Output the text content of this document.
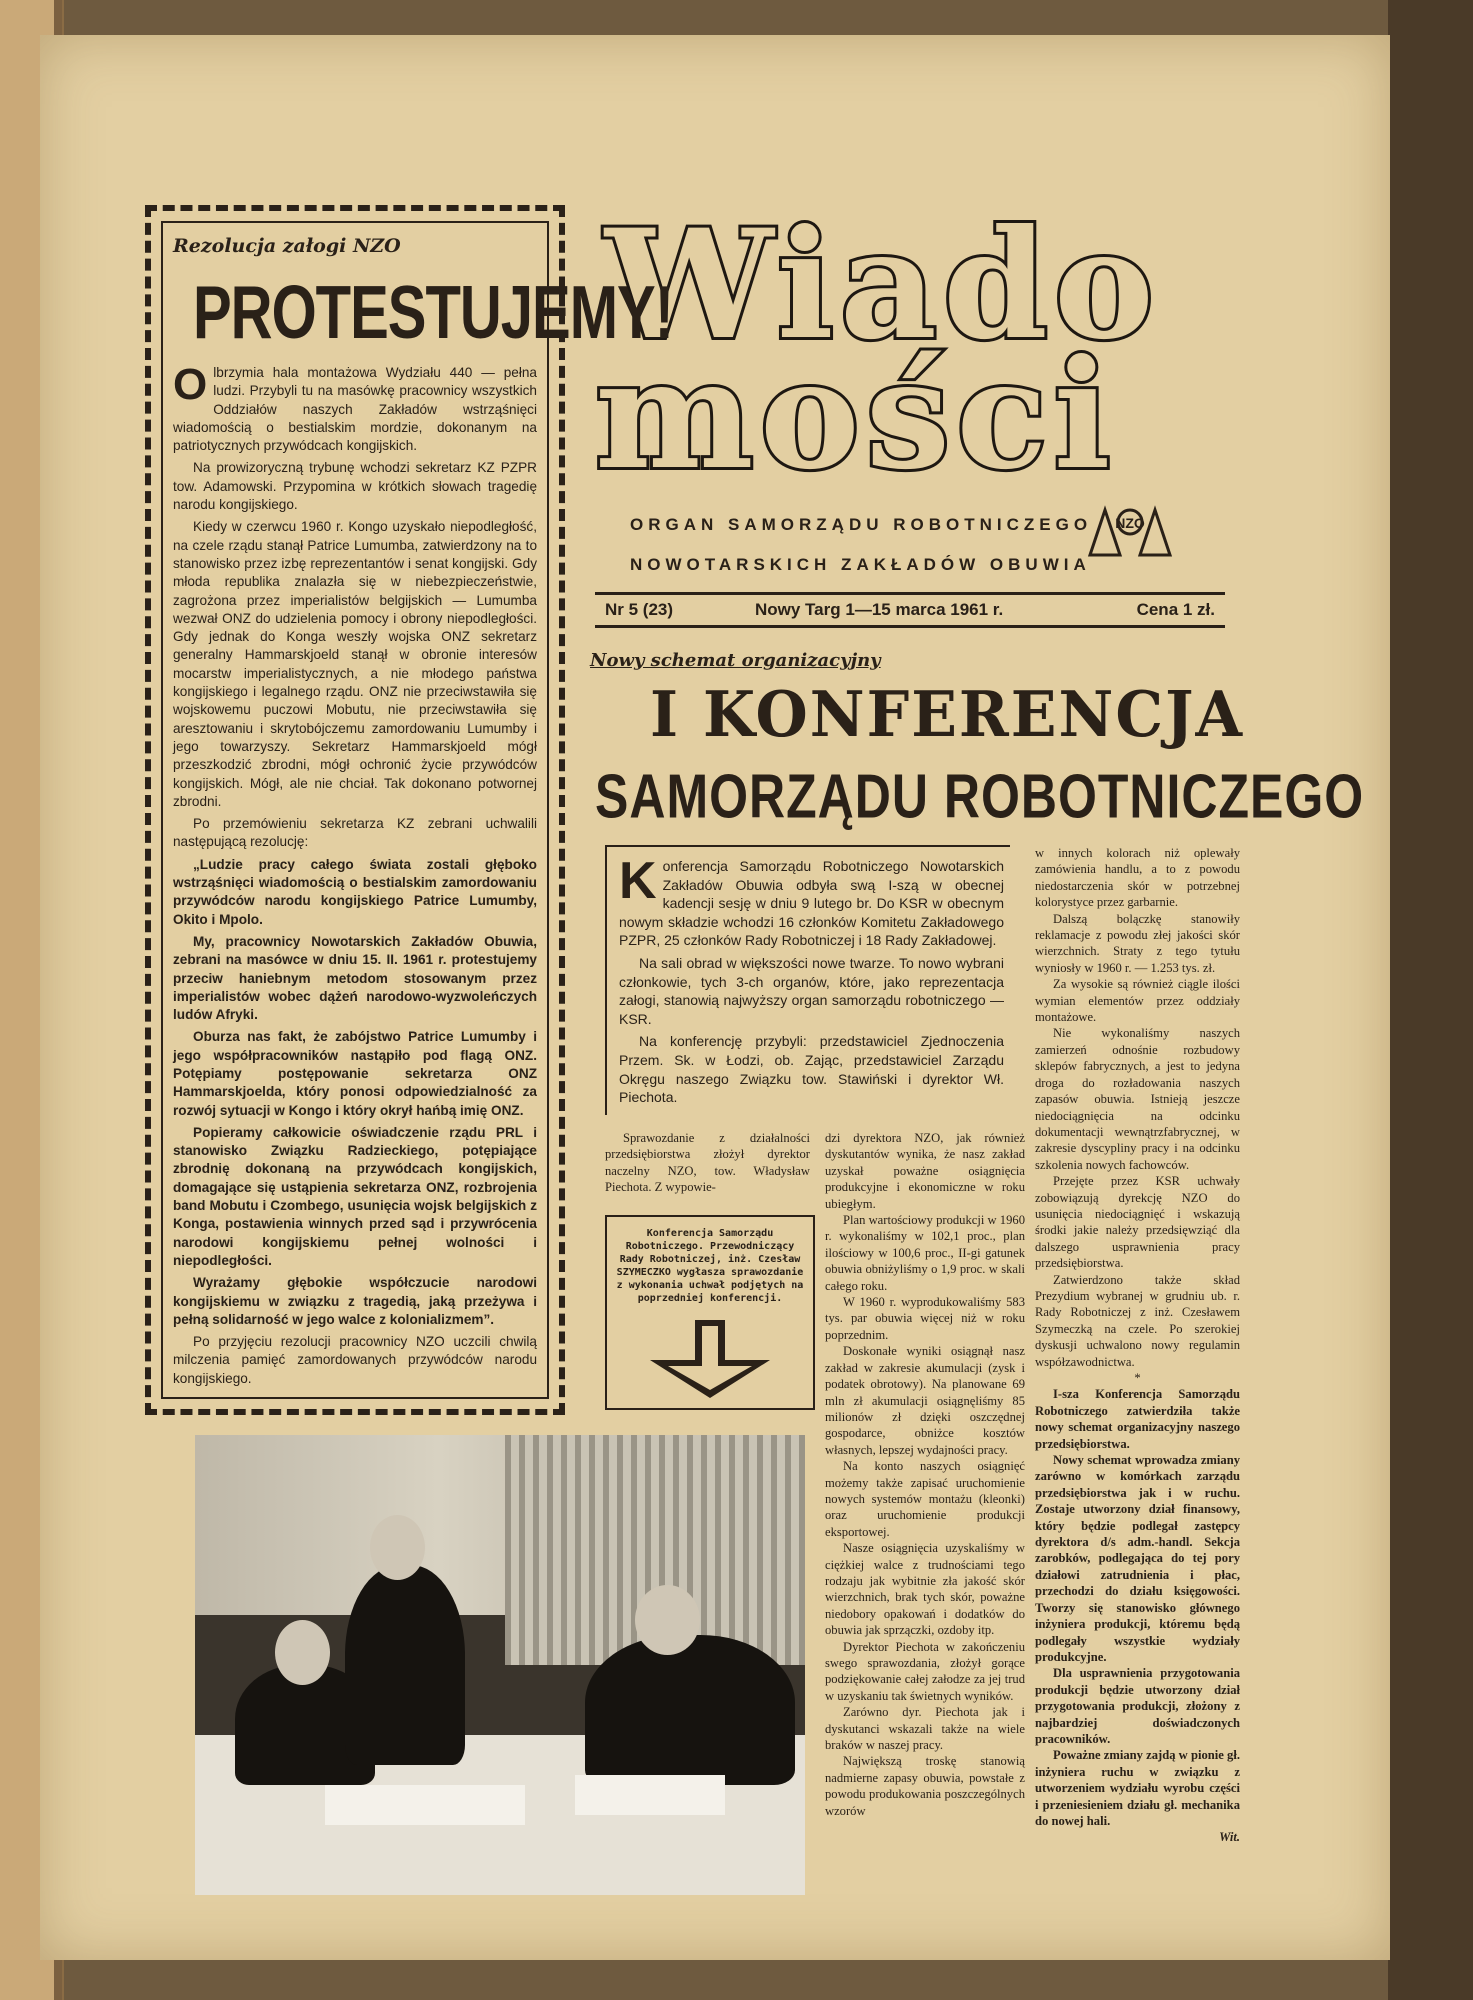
Wiado
mości
ORGAN SAMORZĄDU ROBOTNICZEGO
NOWOTARSKICH ZAKŁADÓW OBUWIA
NZO
Nr 5 (23)	Nowy Targ 1—15 marca 1961 r.	Cena 1 zł.
Rezolucja załogi NZO
PROTESTUJEMY!

Olbrzymia hala montażowa Wydziału 440 — pełna ludzi. Przybyli tu na masówkę pracownicy wszystkich Oddziałów naszych Zakładów wstrząśnięci wiadomością o bestialskim mordzie, dokonanym na patriotycznych przywódcach kongijskich.

Na prowizoryczną trybunę wchodzi sekretarz KZ PZPR tow. Adamowski. Przypomina w krótkich słowach tragedię narodu kongijskiego.

Kiedy w czerwcu 1960 r. Kongo uzyskało niepodległość, na czele rządu stanął Patrice Lumumba, zatwierdzony na to stanowisko przez izbę reprezentantów i senat kongijski. Gdy młoda republika znalazła się w niebezpieczeństwie, zagrożona przez imperialistów belgijskich — Lumumba wezwał ONZ do udzielenia pomocy i obrony niepodległości. Gdy jednak do Konga weszły wojska ONZ sekretarz generalny Hammarskjoeld stanął w obronie interesów mocarstw imperialistycznych, a nie młodego państwa kongijskiego i legalnego rządu. ONZ nie przeciwstawiła się wojskowemu puczowi Mobutu, nie przeciwstawiła się aresztowaniu i skrytobójczemu zamordowaniu Lumumby i jego towarzyszy. Sekretarz Hammarskjoeld mógł przeszkodzić zbrodni, mógł ochronić życie przywódców kongijskich. Mógł, ale nie chciał. Tak dokonano potwornej zbrodni.

Po przemówieniu sekretarza KZ zebrani uchwalili następującą rezolucję:

„Ludzie pracy całego świata zostali głęboko wstrząśnięci wiadomością o bestialskim zamordowaniu przywódców narodu kongijskiego Patrice Lumumby, Okito i Mpolo.

My, pracownicy Nowotarskich Zakładów Obuwia, zebrani na masówce w dniu 15. II. 1961 r. protestujemy przeciw haniebnym metodom stosowanym przez imperialistów wobec dążeń narodowo-wyzwoleńczych ludów Afryki.

Oburza nas fakt, że zabójstwo Patrice Lumumby i jego współpracowników nastąpiło pod flagą ONZ. Potępiamy postępowanie sekretarza ONZ Hammarskjoelda, który ponosi odpowiedzialność za rozwój sytuacji w Kongo i który okrył hańbą imię ONZ.

Popieramy całkowicie oświadczenie rządu PRL i stanowisko Związku Radzieckiego, potępiające zbrodnię dokonaną na przywódcach kongijskich, domagające się ustąpienia sekretarza ONZ, rozbrojenia band Mobutu i Czombego, usunięcia wojsk belgijskich z Konga, postawienia winnych przed sąd i przywrócenia narodowi kongijskiemu pełnej wolności i niepodległości.

Wyrażamy głębokie współczucie narodowi kongijskiemu w związku z tragedią, jaką przeżywa i pełną solidarność w jego walce z kolonializmem”.

Po przyjęciu rezolucji pracownicy NZO uczcili chwilą milczenia pamięć zamordowanych przywódców narodu kongijskiego.

Nowy schemat organizacyjny
I KONFERENCJA
SAMORZĄDU ROBOTNICZEGO

Konferencja Samorządu Robotniczego Nowotarskich Zakładów Obuwia odbyła swą I-szą w obecnej kadencji sesję w dniu 9 lutego br. Do KSR w obecnym nowym składzie wchodzi 16 członków Komitetu Zakładowego PZPR, 25 członków Rady Robotniczej i 18 Rady Zakładowej.

Na sali obrad w większości nowe twarze. To nowo wybrani członkowie, tych 3-ch organów, które, jako reprezentacja załogi, stanowią najwyższy organ samorządu robotniczego — KSR.

Na konferencję przybyli: przedstawiciel Zjednoczenia Przem. Sk. w Łodzi, ob. Zając, przedstawiciel Zarządu Okręgu naszego Związku tow. Stawiński i dyrektor Wł. Piechota.

Sprawozdanie z działalności przedsiębiorstwa złożył dyrektor naczelny NZO, tow. Władysław Piechota. Z wypowie-

Konferencja Samorządu Robotniczego. Przewodniczący Rady Robotniczej, inż. Czesław SZYMECZKO wygłasza sprawozdanie z wykonania uchwał podjętych na poprzedniej konferencji.

dzi dyrektora NZO, jak również dyskutantów wynika, że nasz zakład uzyskał poważne osiągnięcia produkcyjne i ekonomiczne w roku ubiegłym.

Plan wartościowy produkcji w 1960 r. wykonaliśmy w 102,1 proc., plan ilościowy w 100,6 proc., II-gi gatunek obuwia obniżyliśmy o 1,9 proc. w skali całego roku.

W 1960 r. wyprodukowaliśmy 583 tys. par obuwia więcej niż w roku poprzednim.

Doskonałe wyniki osiągnął nasz zakład w zakresie akumulacji (zysk i podatek obrotowy). Na planowane 69 mln zł akumulacji osiągnęliśmy 85 milionów zł dzięki oszczędnej gospodarce, obniżce kosztów własnych, lepszej wydajności pracy.

Na konto naszych osiągnięć możemy także zapisać uruchomienie nowych systemów montażu (kleonki) oraz uruchomienie produkcji eksportowej.

Nasze osiągnięcia uzyskaliśmy w ciężkiej walce z trudnościami tego rodzaju jak wybitnie zła jakość skór wierzchnich, brak tych skór, poważne niedobory opakowań i dodatków do obuwia jak sprzączki, ozdoby itp.

Dyrektor Piechota w zakończeniu swego sprawozdania, złożył gorące podziękowanie całej załodze za jej trud w uzyskaniu tak świetnych wyników.

Zarówno dyr. Piechota jak i dyskutanci wskazali także na wiele braków w naszej pracy.

Największą troskę stanowią nadmierne zapasy obuwia, powstałe z powodu produkowania poszczególnych wzorów

w innych kolorach niż oplewały zamówienia handlu, a to z powodu niedostarczenia skór w potrzebnej kolorystyce przez garbarnie.

Dalszą bolączkę stanowiły reklamacje z powodu złej jakości skór wierzchnich. Straty z tego tytułu wyniosły w 1960 r. — 1.253 tys. zł.

Za wysokie są również ciągle ilości wymian elementów przez oddziały montażowe.

Nie wykonaliśmy naszych zamierzeń odnośnie rozbudowy sklepów fabrycznych, a jest to jedyna droga do rozładowania naszych zapasów obuwia. Istnieją jeszcze niedociągnięcia na odcinku dokumentacji wewnątrzfabrycznej, w zakresie dyscypliny pracy i na odcinku szkolenia nowych fachowców.

Przejęte przez KSR uchwały zobowiązują dyrekcję NZO do usunięcia niedociągnięć i wskazują środki jakie należy przedsięwziąć dla dalszego usprawnienia pracy przedsiębiorstwa.

Zatwierdzono także skład Prezydium wybranej w grudniu ub. r. Rady Robotniczej z inż. Czesławem Szymeczką na czele. Po szerokiej dyskusji uchwalono nowy regulamin współzawodnictwa.

*

I-sza Konferencja Samorządu Robotniczego zatwierdziła także nowy schemat organizacyjny naszego przedsiębiorstwa.

Nowy schemat wprowadza zmiany zarówno w komórkach zarządu przedsiębiorstwa jak i w ruchu. Zostaje utworzony dział finansowy, który będzie podlegał zastępcy dyrektora d/s adm.-handl. Sekcja zarobków, podlegająca do tej pory działowi zatrudnienia i płac, przechodzi do działu księgowości. Tworzy się stanowisko głównego inżyniera produkcji, któremu będą podlegały wszystkie wydziały produkcyjne.

Dla usprawnienia przygotowania produkcji będzie utworzony dział przygotowania produkcji, złożony z najbardziej doświadczonych pracowników.

Poważne zmiany zajdą w pionie gł. inżyniera ruchu w związku z utworzeniem wydziału wyrobu części i przeniesieniem działu gł. mechanika do nowej hali.

Wit.
